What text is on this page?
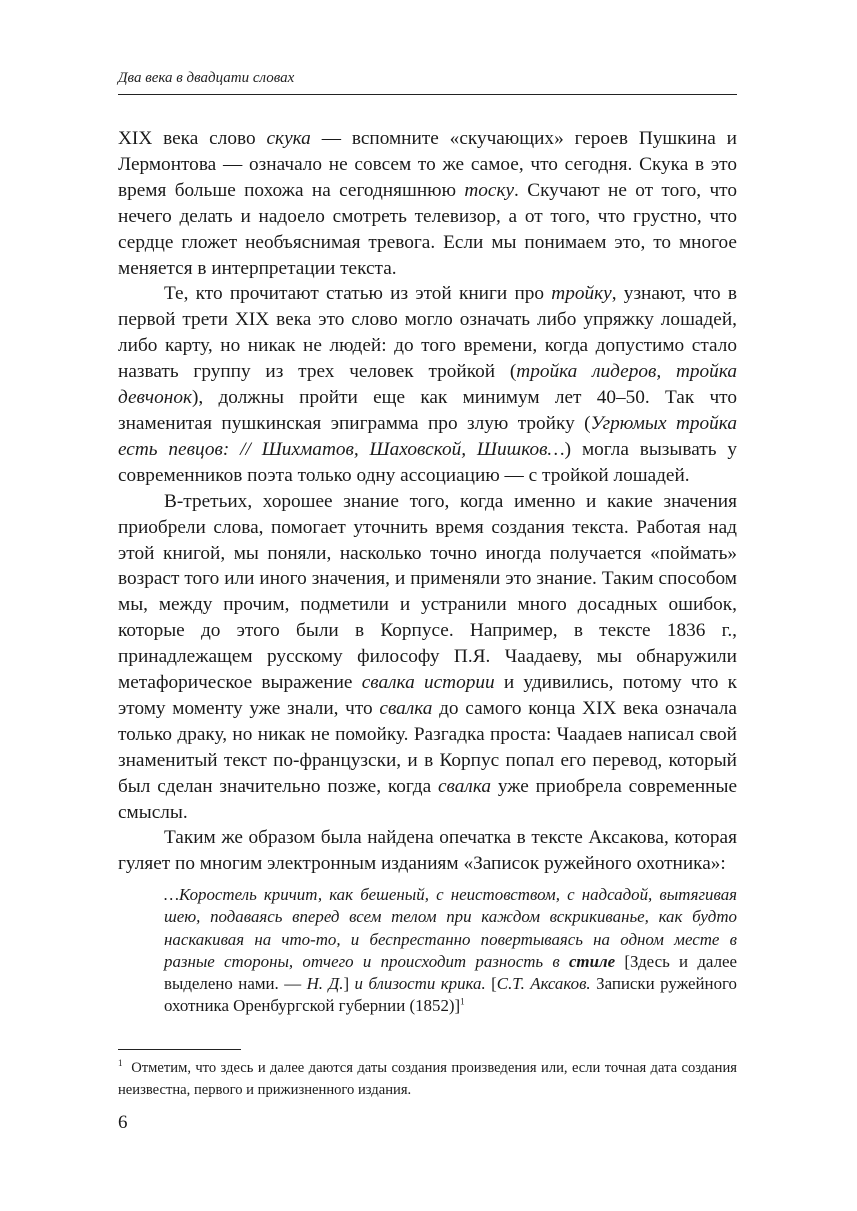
Два века в двадцати словах

XIX века слово скука — вспомните «скучающих» героев Пушкина и Лермонтова — означало не совсем то же самое, что сегодня. Скука в это время больше похожа на сегодняшнюю тоску. Скучают не от того, что нечего делать и надоело смотреть телевизор, а от того, что грустно, что сердце гложет необъяснимая тревога. Если мы понимаем это, то многое меняется в интерпретации текста.

Те, кто прочитают статью из этой книги про тройку, узнают, что в первой трети XIX века это слово могло означать либо упряжку лошадей, либо карту, но никак не людей: до того времени, когда допустимо стало назвать группу из трех человек тройкой (тройка лидеров, тройка девчонок), должны пройти еще как минимум лет 40–50. Так что знаменитая пушкинская эпиграмма про злую тройку (Угрюмых тройка есть певцов: // Шихматов, Шаховской, Шишков…) могла вызывать у современников поэта только одну ассоциацию — с тройкой лошадей.

В-третьих, хорошее знание того, когда именно и какие значения приобрели слова, помогает уточнить время создания текста. Работая над этой книгой, мы поняли, насколько точно иногда получается «поймать» возраст того или иного значения, и применяли это знание. Таким способом мы, между прочим, подметили и устранили много досадных ошибок, которые до этого были в Корпусе. Например, в тексте 1836 г., принадлежащем русскому философу П.Я. Чаадаеву, мы обнаружили метафорическое выражение свалка истории и удивились, потому что к этому моменту уже знали, что свалка до самого конца XIX века означала только драку, но никак не помойку. Разгадка проста: Чаадаев написал свой знаменитый текст по-французски, и в Корпус попал его перевод, который был сделан значительно позже, когда свалка уже приобрела современные смыслы.

Таким же образом была найдена опечатка в тексте Аксакова, которая гуляет по многим электронным изданиям «Записок ружейного охотника»:

…Коростель кричит, как бешеный, с неистовством, с надсадой, вытягивая шею, подаваясь вперед всем телом при каждом вскрикиванье, как будто наскакивая на что-то, и беспрестанно повертываясь на одном месте в разные стороны, отчего и происходит разность в стиле [Здесь и далее выделено нами. — Н. Д.] и близости крика. [С.Т. Аксаков. Записки ружейного охотника Оренбургской губернии (1852)]$^1$
$^1$ Отметим, что здесь и далее даются даты создания произведения или, если точная дата создания неизвестна, первого и прижизненного издания.
6
